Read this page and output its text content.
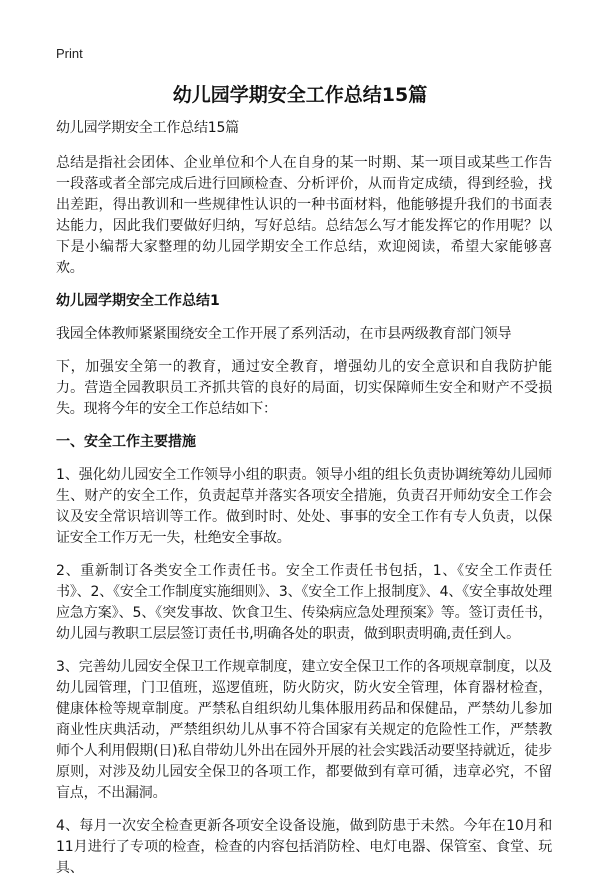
Print
幼儿园学期安全工作总结15篇

幼儿园学期安全工作总结15篇

总结是指社会团体、企业单位和个人在自身的某一时期、某一项目或某些工作告一段落或者全部完成后进行回顾检查、分析评价，从而肯定成绩，得到经验，找出差距，得出教训和一些规律性认识的一种书面材料，他能够提升我们的书面表达能力，因此我们要做好归纳，写好总结。总结怎么写才能发挥它的作用呢？以下是小编帮大家整理的幼儿园学期安全工作总结，欢迎阅读，希望大家能够喜欢。

幼儿园学期安全工作总结1

我园全体教师紧紧围绕安全工作开展了系列活动，在市县两级教育部门领导

下，加强安全第一的教育，通过安全教育，增强幼儿的安全意识和自我防护能力。营造全园教职员工齐抓共管的良好的局面，切实保障师生安全和财产不受损失。现将今年的安全工作总结如下：

一、安全工作主要措施

1、强化幼儿园安全工作领导小组的职责。领导小组的组长负责协调统筹幼儿园师生、财产的安全工作，负责起草并落实各项安全措施，负责召开师幼安全工作会议及安全常识培训等工作。做到时时、处处、事事的安全工作有专人负责，以保证安全工作万无一失，杜绝安全事故。

2、重新制订各类安全工作责任书。安全工作责任书包括，1、《安全工作责任书》、2、《安全工作制度实施细则》、3、《安全工作上报制度》、4、《安全事故处理应急方案》、5、《突发事故、饮食卫生、传染病应急处理预案》等。签订责任书，幼儿园与教职工层层签订责任书,明确各处的职责，做到职责明确,责任到人。

3、完善幼儿园安全保卫工作规章制度，建立安全保卫工作的各项规章制度，以及幼儿园管理，门卫值班，巡逻值班，防火防灾，防火安全管理，体育器材检查，健康体检等规章制度。严禁私自组织幼儿集体服用药品和保健品，严禁幼儿参加商业性庆典活动，严禁组织幼儿从事不符合国家有关规定的危险性工作，严禁教师个人利用假期(日)私自带幼儿外出在园外开展的社会实践活动要坚持就近，徒步原则，对涉及幼儿园安全保卫的各项工作，都要做到有章可循，违章必究，不留盲点，不出漏洞。

4、每月一次安全检查更新各项安全设备设施，做到防患于未然。今年在10月和11月进行了专项的检查，检查的内容包括消防栓、电灯电器、保管室、食堂、玩具、
